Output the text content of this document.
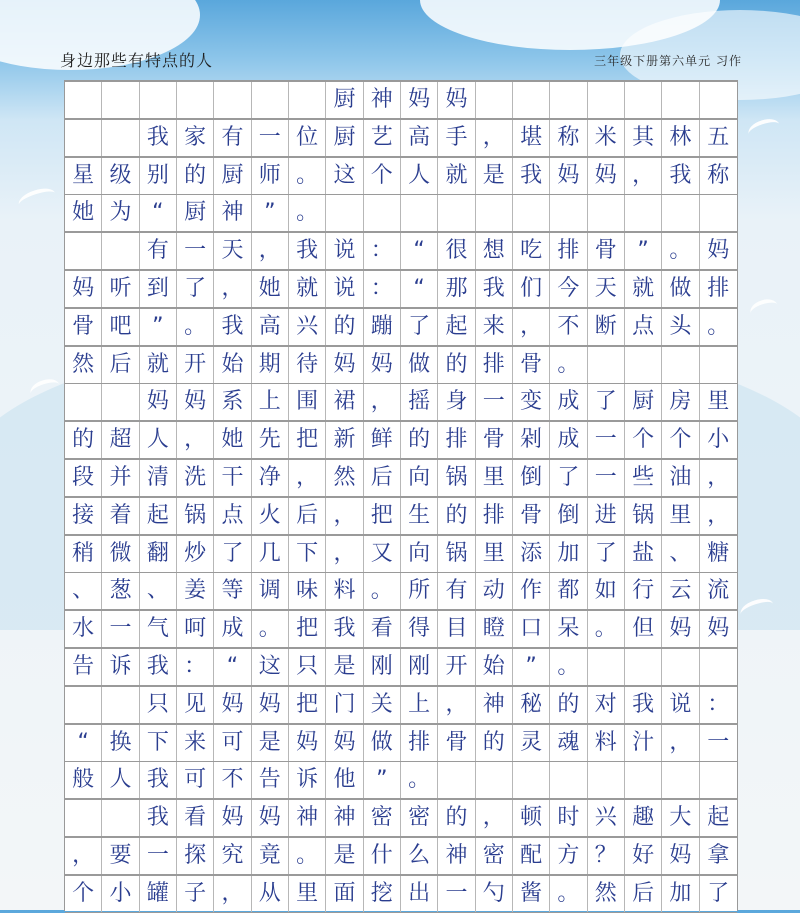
身边那些有特点的人	三年级下册第六单元 习作
厨 神 妈 妈
我 家 有 一 位 厨 艺 高 手 ， 堪 称 米 其 林 五
星 级 别 的 厨 师 。 这 个 人 就 是 我 妈 妈 ， 我 称
她 为 “ 厨 神 ” 。
有 一 天 ， 我 说 ： “ 很 想 吃 排 骨 ” 。 妈
妈 听 到 了 ， 她 就 说 ： “ 那 我 们 今 天 就 做 排
骨 吧 ” 。 我 高 兴 的 蹦 了 起 来 ， 不 断 点 头 。
然 后 就 开 始 期 待 妈 妈 做 的 排 骨 。
妈 妈 系 上 围 裙 ， 摇 身 一 变 成 了 厨 房 里
的 超 人 ， 她 先 把 新 鲜 的 排 骨 剁 成 一 个 个 小
段 并 清 洗 干 净 ， 然 后 向 锅 里 倒 了 一 些 油 ，
接 着 起 锅 点 火 后 ， 把 生 的 排 骨 倒 进 锅 里 ，
稍 微 翻 炒 了 几 下 ， 又 向 锅 里 添 加 了 盐 、 糖
、 葱 、 姜 等 调 味 料 。 所 有 动 作 都 如 行 云 流
水 一 气 呵 成 。 把 我 看 得 目 瞪 口 呆 。 但 妈 妈
告 诉 我 ： “ 这 只 是 刚 刚 开 始 ” 。
只 见 妈 妈 把 门 关 上 ， 神 秘 的 对 我 说 ：
“ 换 下 来 可 是 妈 妈 做 排 骨 的 灵 魂 料 汁 ， 一
般 人 我 可 不 告 诉 他 ” 。
我 看 妈 妈 神 神 密 密 的 ， 顿 时 兴 趣 大 起
， 要 一 探 究 竟 。 是 什 么 神 密 配 方 ？ 好 妈 拿
个 小 罐 子 ， 从 里 面 挖 出 一 勺 酱 。 然 后 加 了
